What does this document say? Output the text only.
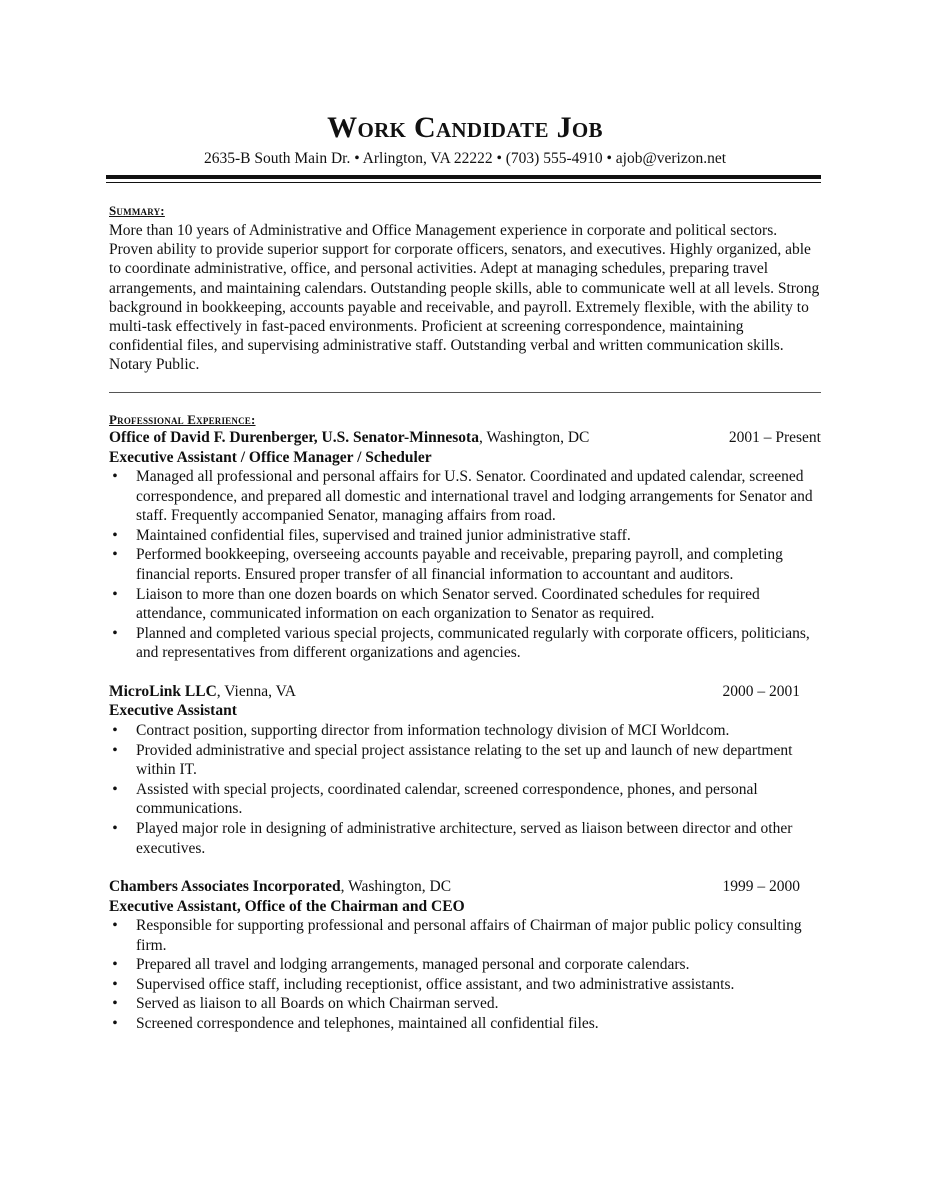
Work Candidate Job
2635-B South Main Dr. • Arlington, VA 22222 • (703) 555-4910 • ajob@verizon.net
Summary:

More than 10 years of Administrative and Office Management experience in corporate and political sectors. Proven ability to provide superior support for corporate officers, senators, and executives. Highly organized, able to coordinate administrative, office, and personal activities. Adept at managing schedules, preparing travel arrangements, and maintaining calendars. Outstanding people skills, able to communicate well at all levels. Strong background in bookkeeping, accounts payable and receivable, and payroll. Extremely flexible, with the ability to multi-task effectively in fast-paced environments. Proficient at screening correspondence, maintaining confidential files, and supervising administrative staff. Outstanding verbal and written communication skills. Notary Public.

Professional Experience:
Office of David F. Durenberger, U.S. Senator-Minnesota, Washington, DC	2001 – Present
Executive Assistant / Office Manager / Scheduler
• Managed all professional and personal affairs for U.S. Senator. Coordinated and updated calendar, screened correspondence, and prepared all domestic and international travel and lodging arrangements for Senator and staff. Frequently accompanied Senator, managing affairs from road.
• Maintained confidential files, supervised and trained junior administrative staff.
• Performed bookkeeping, overseeing accounts payable and receivable, preparing payroll, and completing financial reports. Ensured proper transfer of all financial information to accountant and auditors.
• Liaison to more than one dozen boards on which Senator served. Coordinated schedules for required attendance, communicated information on each organization to Senator as required.
• Planned and completed various special projects, communicated regularly with corporate officers, politicians, and representatives from different organizations and agencies.
MicroLink LLC, Vienna, VA	2000 – 2001
Executive Assistant
• Contract position, supporting director from information technology division of MCI Worldcom.
• Provided administrative and special project assistance relating to the set up and launch of new department within IT.
• Assisted with special projects, coordinated calendar, screened correspondence, phones, and personal communications.
• Played major role in designing of administrative architecture, served as liaison between director and other executives.
Chambers Associates Incorporated, Washington, DC	1999 – 2000
Executive Assistant, Office of the Chairman and CEO
• Responsible for supporting professional and personal affairs of Chairman of major public policy consulting firm.
• Prepared all travel and lodging arrangements, managed personal and corporate calendars.
• Supervised office staff, including receptionist, office assistant, and two administrative assistants.
• Served as liaison to all Boards on which Chairman served.
• Screened correspondence and telephones, maintained all confidential files.
